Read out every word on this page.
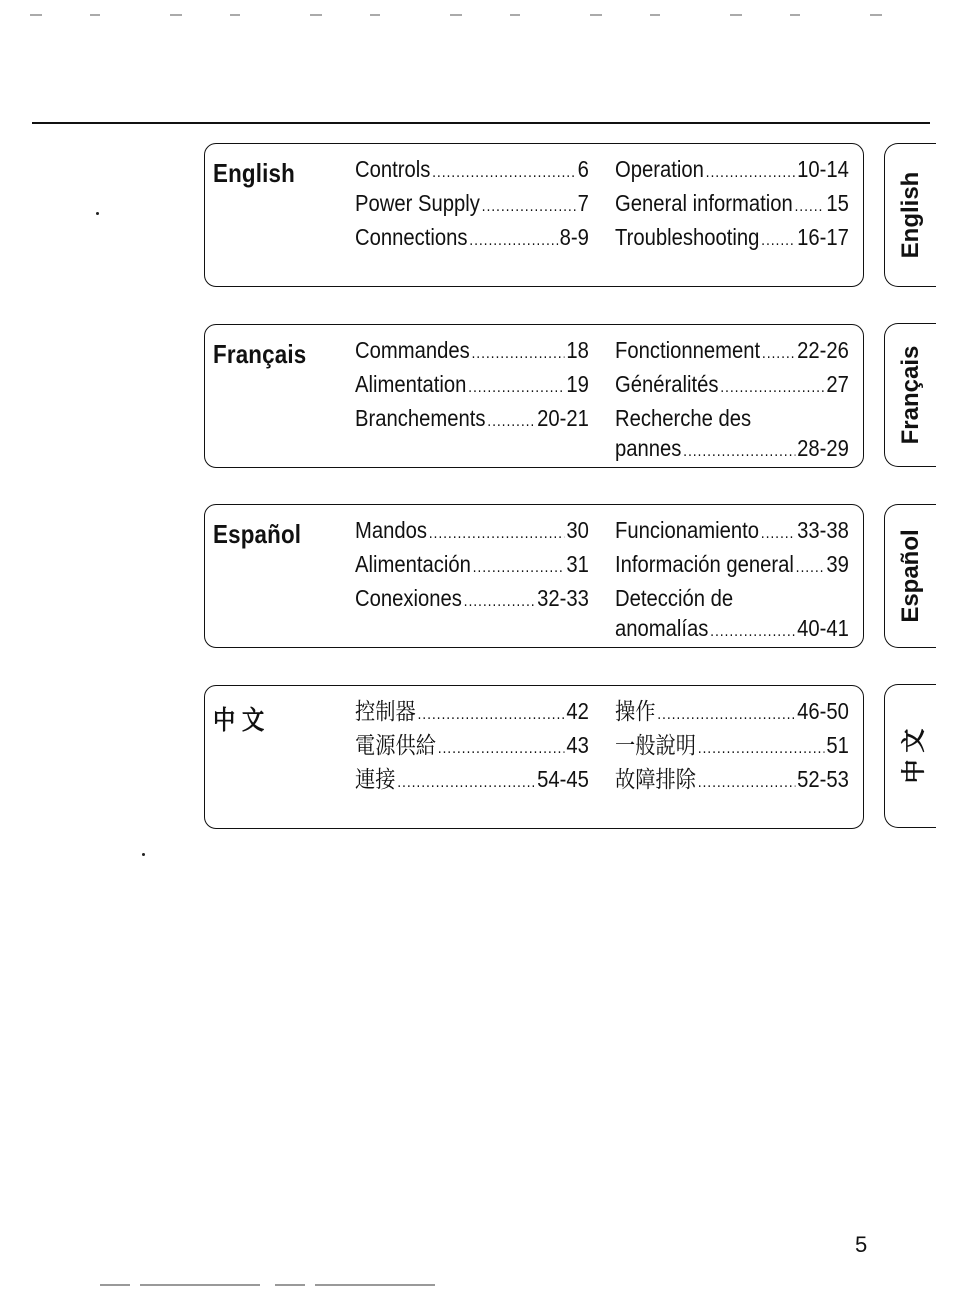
English	Controls .....	6
Power Supply .....	7
Connections .....	8-9
Operation .....	10-14
General information ..... 15
Troubleshooting ..... 16-17 English
Français Commandes .....	18
Alimentation .....	19
Branchements ..... 20-21
Fonctionnement ..... 22-26
Généralités .....	27
Recherche des
pannes .....	28-29
Français
Español Mandos .....	30
Alimentación .....	31
Conexiones .....	32-33
Funcionamiento ..... 33-38
Información general ..... 39
Detección de
anomalías .....	40-41
Español
中 文	控制器 .....	42
電源供給 .....	43
連接 .....	54-45
操作 .....	46-50
一般說明 .....	51
故障排除 .....	52-53 中 文
5
